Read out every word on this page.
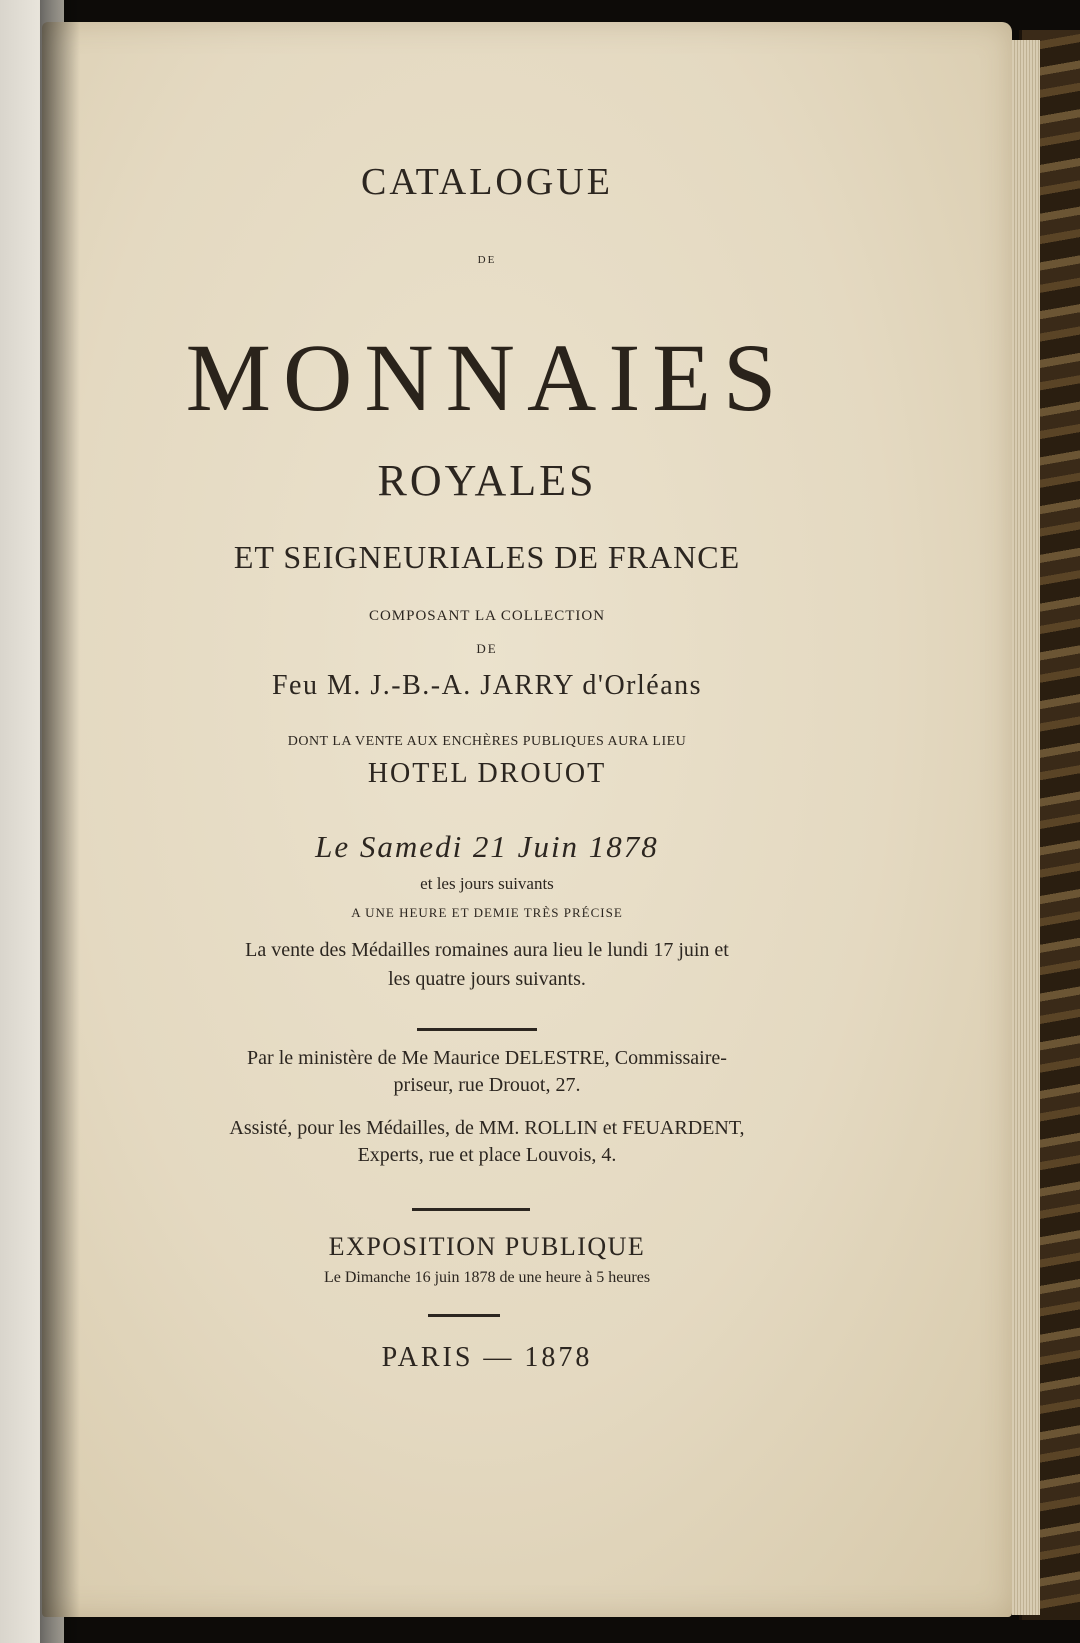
CATALOGUE
DE
MONNAIES
ROYALES
ET SEIGNEURIALES DE FRANCE
COMPOSANT LA COLLECTION
DE
Feu M. J.-B.-A. JARRY d'Orléans
DONT LA VENTE AUX ENCHÈRES PUBLIQUES AURA LIEU
HOTEL DROUOT
Le Samedi 21 Juin 1878
et les jours suivants
A UNE HEURE ET DEMIE TRÈS PRÉCISE
La vente des Médailles romaines aura lieu le lundi 17 juin et
les quatre jours suivants.
Par le ministère de Me Maurice DELESTRE, Commissaire-
priseur, rue Drouot, 27.
Assisté, pour les Médailles, de MM. ROLLIN et FEUARDENT,
Experts, rue et place Louvois, 4.
EXPOSITION PUBLIQUE
Le Dimanche 16 juin 1878 de une heure à 5 heures
PARIS — 1878
